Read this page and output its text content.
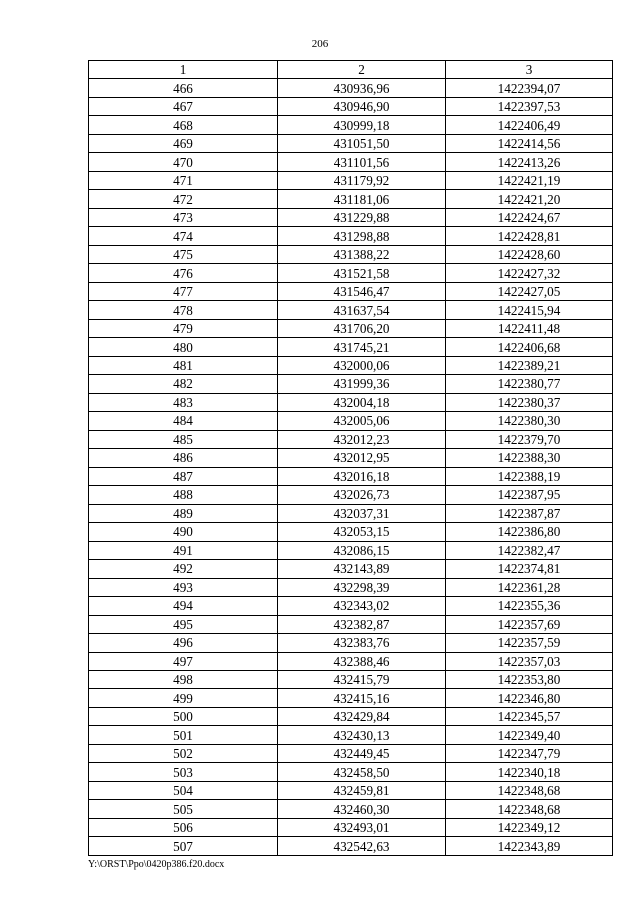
206
1	2	3
466	430936,96	1422394,07
467	430946,90	1422397,53
468	430999,18	1422406,49
469	431051,50	1422414,56
470	431101,56	1422413,26
471	431179,92	1422421,19
472	431181,06	1422421,20
473	431229,88	1422424,67
474	431298,88	1422428,81
475	431388,22	1422428,60
476	431521,58	1422427,32
477	431546,47	1422427,05
478	431637,54	1422415,94
479	431706,20	1422411,48
480	431745,21	1422406,68
481	432000,06	1422389,21
482	431999,36	1422380,77
483	432004,18	1422380,37
484	432005,06	1422380,30
485	432012,23	1422379,70
486	432012,95	1422388,30
487	432016,18	1422388,19
488	432026,73	1422387,95
489	432037,31	1422387,87
490	432053,15	1422386,80
491	432086,15	1422382,47
492	432143,89	1422374,81
493	432298,39	1422361,28
494	432343,02	1422355,36
495	432382,87	1422357,69
496	432383,76	1422357,59
497	432388,46	1422357,03
498	432415,79	1422353,80
499	432415,16	1422346,80
500	432429,84	1422345,57
501	432430,13	1422349,40
502	432449,45	1422347,79
503	432458,50	1422340,18
504	432459,81	1422348,68
505	432460,30	1422348,68
506	432493,01	1422349,12
507	432542,63	1422343,89
Y:\ORST\Ppo\0420p386.f20.docx
